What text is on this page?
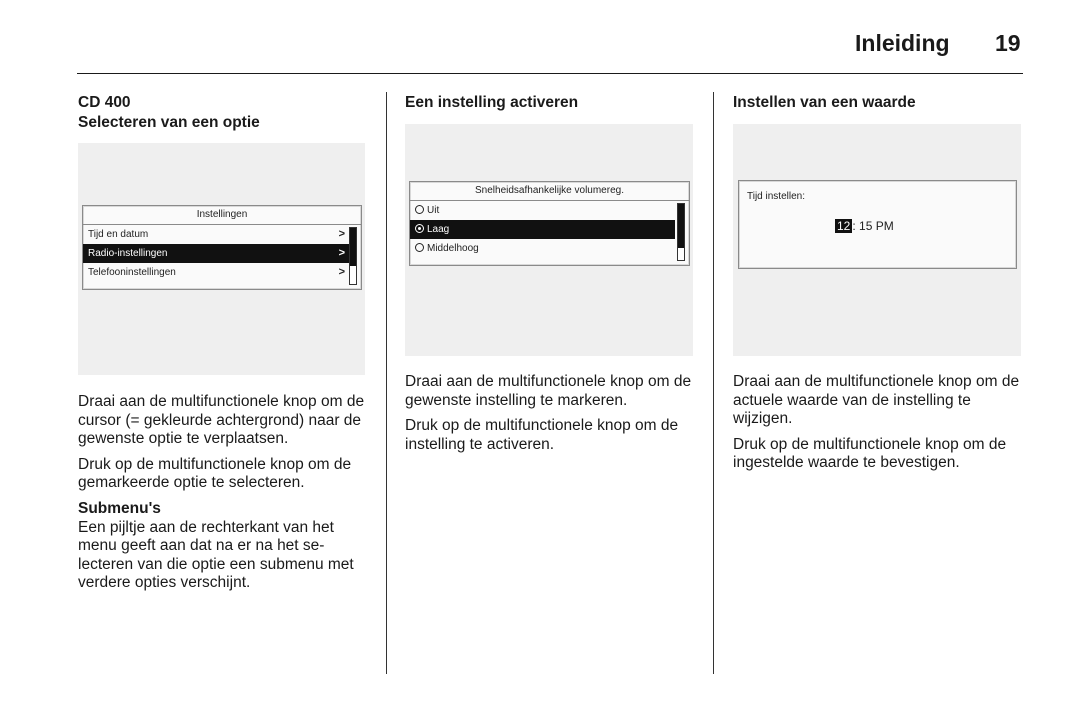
Inleiding 19
CD 400
Selecteren van een optie
Instellingen
Tijd en datum	>
Radio-instellingen	>
Telefooninstellingen	>

Draai aan de multifunctionele knop om de cursor (= gekleurde achtergrond) naar de gewenste optie te verplaatsen.

Druk op de multifunctionele knop om de gemarkeerde optie te selecteren.

Submenu's

Een pijltje aan de rechterkant van het menu geeft aan dat na er na het selecteren van die optie een submenu met verdere opties verschijnt.

Een instelling activeren
Snelheidsafhankelijke volumereg.
Uit
Laag
Middelhoog

Draai aan de multifunctionele knop om de gewenste instelling te markeren.

Druk op de multifunctionele knop om de instelling te activeren.

Instellen van een waarde
Tijd instellen:
12 : 15 PM

Draai aan de multifunctionele knop om de actuele waarde van de instelling te wijzigen.

Druk op de multifunctionele knop om de ingestelde waarde te bevestigen.
